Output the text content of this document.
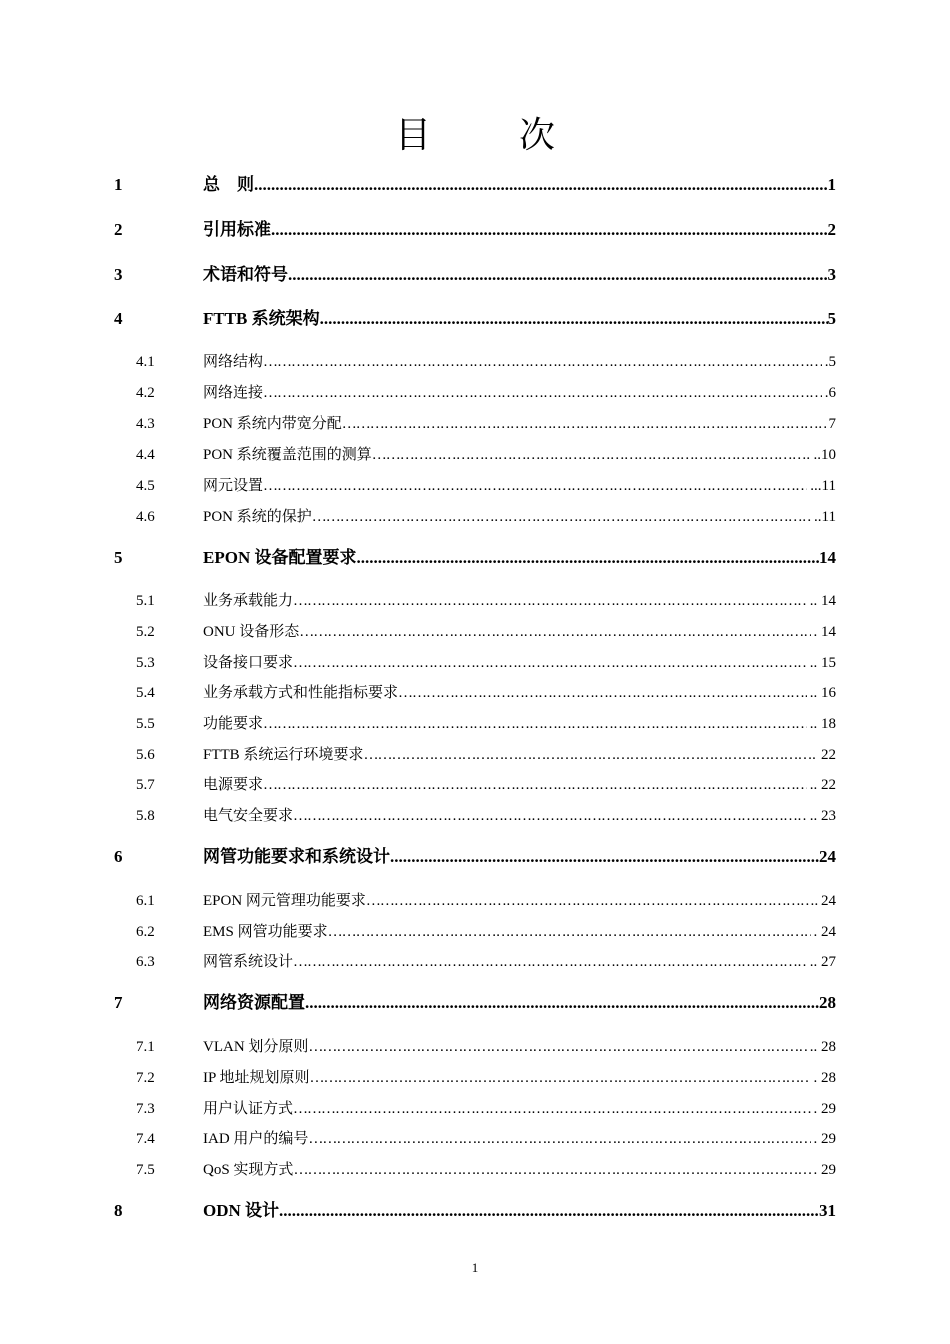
目　次
1	总　则 .....	1
2	引用标准 .....	2
3	术语和符号 .....	3
4	FTTB 系统架构 .....	5
4.1	网络结构 ……………………………………………………………………………………………………………………………………………………………………………………………………………	.5
4.2	网络连接 ……………………………………………………………………………………………………………………………………………………………………………………………………………	.6
4.3	PON 系统内带宽分配 ……………………………………………………………………………………………………………………………………………………………………………………………………………	7
4.4	PON 系统覆盖范围的测算 ……………………………………………………………………………………………………………………………………………………………………………………………………………	..10
4.5	网元设置 ……………………………………………………………………………………………………………………………………………………………………………………………………………	...11
4.6	PON 系统的保护 ……………………………………………………………………………………………………………………………………………………………………………………………………………	..11
5	EPON 设备配置要求 .....	14
5.1	业务承载能力 ……………………………………………………………………………………………………………………………………………………………………………………………………………	.. 14
5.2	ONU 设备形态 ……………………………………………………………………………………………………………………………………………………………………………………………………………	. 14
5.3	设备接口要求 ……………………………………………………………………………………………………………………………………………………………………………………………………………	.. 15
5.4	业务承载方式和性能指标要求 ……………………………………………………………………………………………………………………………………………………………………………………………………………	.. 16
5.5	功能要求 ……………………………………………………………………………………………………………………………………………………………………………………………………………	.. 18
5.6	FTTB 系统运行环境要求 ……………………………………………………………………………………………………………………………………………………………………………………………………………	22
5.7	电源要求 ……………………………………………………………………………………………………………………………………………………………………………………………………………	.. 22
5.8	电气安全要求 ……………………………………………………………………………………………………………………………………………………………………………………………………………	.. 23
6	网管功能要求和系统设计 .....	24
6.1	EPON 网元管理功能要求 ……………………………………………………………………………………………………………………………………………………………………………………………………………	24
6.2	EMS 网管功能要求 ……………………………………………………………………………………………………………………………………………………………………………………………………………	. 24
6.3	网管系统设计 ……………………………………………………………………………………………………………………………………………………………………………………………………………	.. 27
7	网络资源配置 .....	28
7.1	VLAN 划分原则 ……………………………………………………………………………………………………………………………………………………………………………………………………………	.. 28
7.2	IP 地址规划原则 ……………………………………………………………………………………………………………………………………………………………………………………………………………	. 28
7.3	用户认证方式 ……………………………………………………………………………………………………………………………………………………………………………………………………………	. 29
7.4	IAD 用户的编号 ……………………………………………………………………………………………………………………………………………………………………………………………………………	. 29
7.5	QoS 实现方式 ……………………………………………………………………………………………………………………………………………………………………………………………………………	. 29
8	ODN 设计 .....	31
1
